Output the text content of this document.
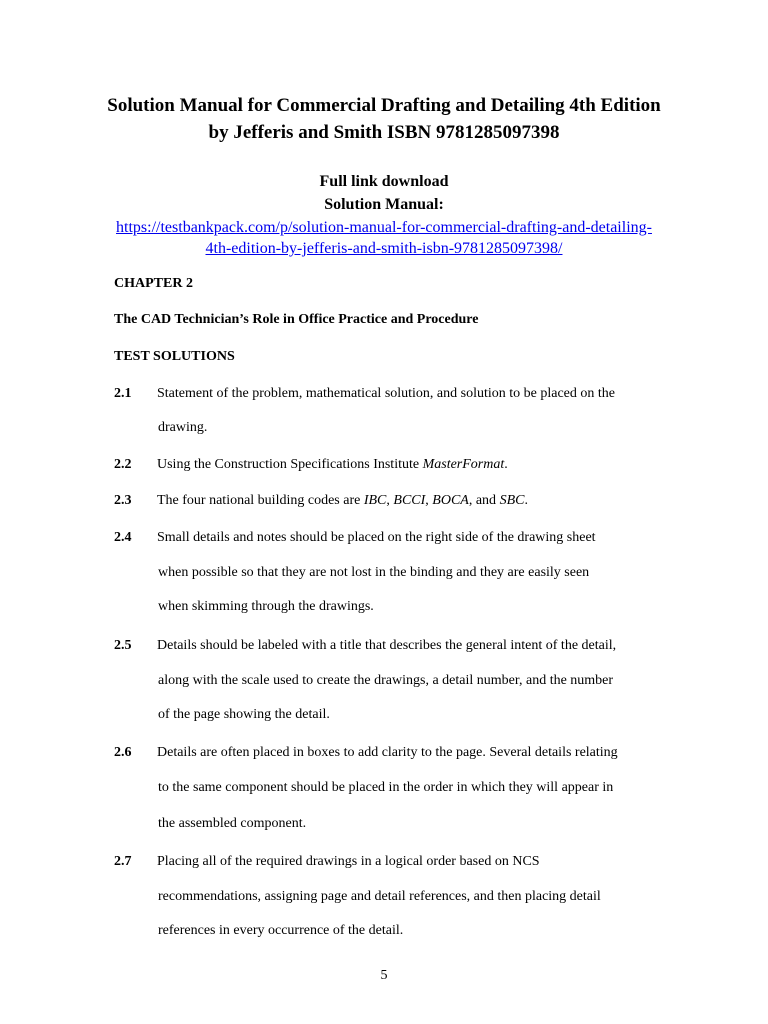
Solution Manual for Commercial Drafting and Detailing 4th Edition
by Jefferis and Smith ISBN 9781285097398
Full link download
Solution Manual:
https://testbankpack.com/p/solution-manual-for-commercial-drafting-and-detailing-
4th-edition-by-jefferis-and-smith-isbn-9781285097398/
CHAPTER 2
The CAD Technician’s Role in Office Practice and Procedure
TEST SOLUTIONS
2.1 Statement of the problem, mathematical solution, and solution to be placed on the
drawing.
2.2 Using the Construction Specifications Institute MasterFormat.
2.3 The four national building codes are IBC, BCCI, BOCA, and SBC.
2.4 Small details and notes should be placed on the right side of the drawing sheet
when possible so that they are not lost in the binding and they are easily seen
when skimming through the drawings.
2.5 Details should be labeled with a title that describes the general intent of the detail,
along with the scale used to create the drawings, a detail number, and the number
of the page showing the detail.
2.6 Details are often placed in boxes to add clarity to the page. Several details relating
to the same component should be placed in the order in which they will appear in
the assembled component.
2.7 Placing all of the required drawings in a logical order based on NCS
recommendations, assigning page and detail references, and then placing detail
references in every occurrence of the detail.
5
